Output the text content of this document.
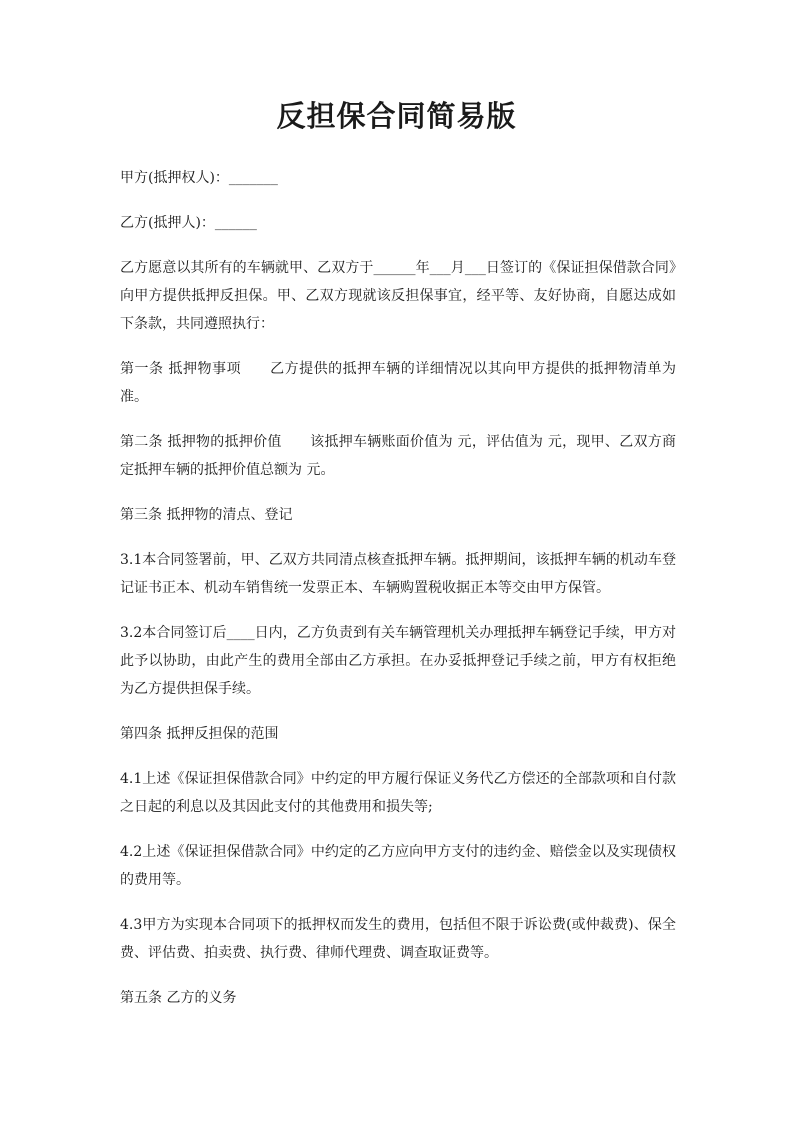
反担保合同简易版

甲方(抵押权人)：_______

乙方(抵押人)：______

乙方愿意以其所有的车辆就甲、乙双方于______年___月___日签订的《保证担保借款合同》向甲方提供抵押反担保。甲、乙双方现就该反担保事宜，经平等、友好协商，自愿达成如下条款，共同遵照执行：

第一条 抵押物事项　　乙方提供的抵押车辆的详细情况以其向甲方提供的抵押物清单为准。

第二条 抵押物的抵押价值　　该抵押车辆账面价值为 元，评估值为 元，现甲、乙双方商定抵押车辆的抵押价值总额为 元。

第三条 抵押物的清点、登记

3.1本合同签署前，甲、乙双方共同清点核查抵押车辆。抵押期间，该抵押车辆的机动车登记证书正本、机动车销售统一发票正本、车辆购置税收据正本等交由甲方保管。

3.2本合同签订后____日内，乙方负责到有关车辆管理机关办理抵押车辆登记手续，甲方对此予以协助，由此产生的费用全部由乙方承担。在办妥抵押登记手续之前，甲方有权拒绝为乙方提供担保手续。

第四条 抵押反担保的范围

4.1上述《保证担保借款合同》中约定的甲方履行保证义务代乙方偿还的全部款项和自付款之日起的利息以及其因此支付的其他费用和损失等;

4.2上述《保证担保借款合同》中约定的乙方应向甲方支付的违约金、赔偿金以及实现债权的费用等。

4.3甲方为实现本合同项下的抵押权而发生的费用，包括但不限于诉讼费(或仲裁费)、保全费、评估费、拍卖费、执行费、律师代理费、调查取证费等。

第五条 乙方的义务
